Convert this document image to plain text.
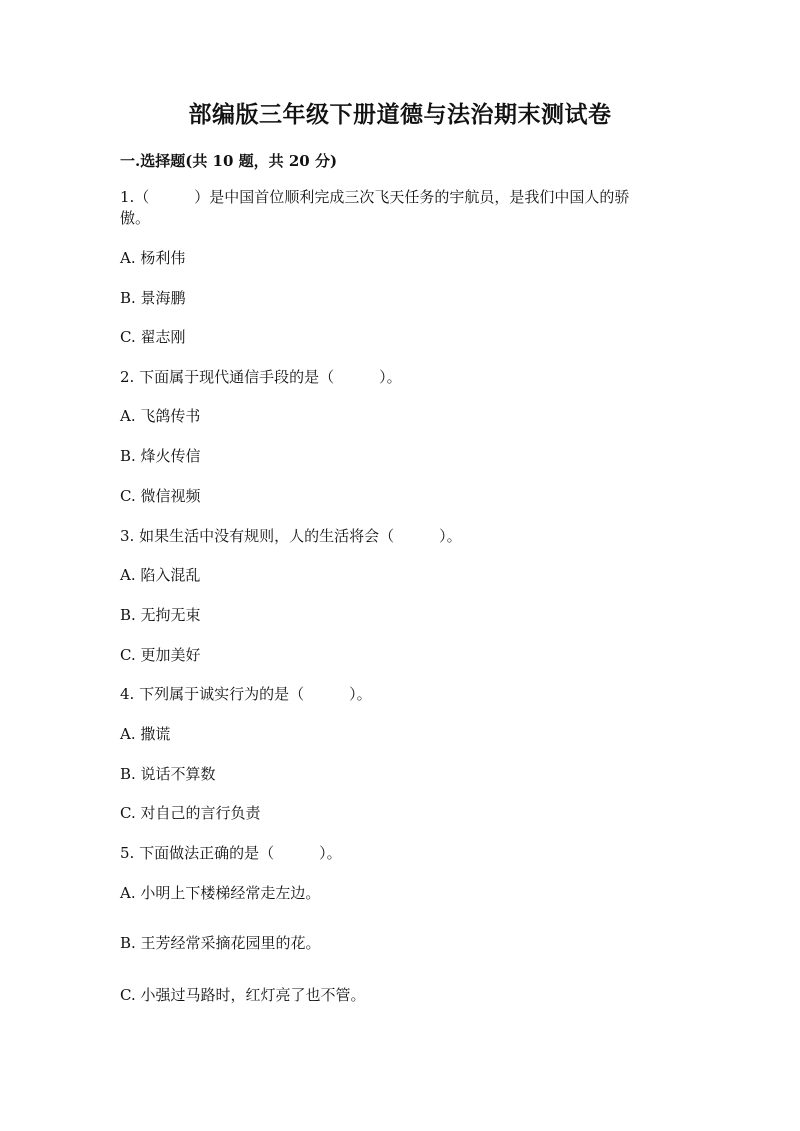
部编版三年级下册道德与法治期末测试卷
一.选择题(共 10 题，共 20 分)
1.（　　　）是中国首位顺利完成三次飞天任务的宇航员，是我们中国人的骄
傲。
A. 杨利伟
B. 景海鹏
C. 翟志刚
2. 下面属于现代通信手段的是（　　　）。
A. 飞鸽传书
B. 烽火传信
C. 微信视频
3. 如果生活中没有规则，人的生活将会（　　　）。
A. 陷入混乱
B. 无拘无束
C. 更加美好
4. 下列属于诚实行为的是（　　　）。
A. 撒谎
B. 说话不算数
C. 对自己的言行负责
5. 下面做法正确的是（　　　）。
A. 小明上下楼梯经常走左边。
B. 王芳经常采摘花园里的花。
C. 小强过马路时，红灯亮了也不管。
